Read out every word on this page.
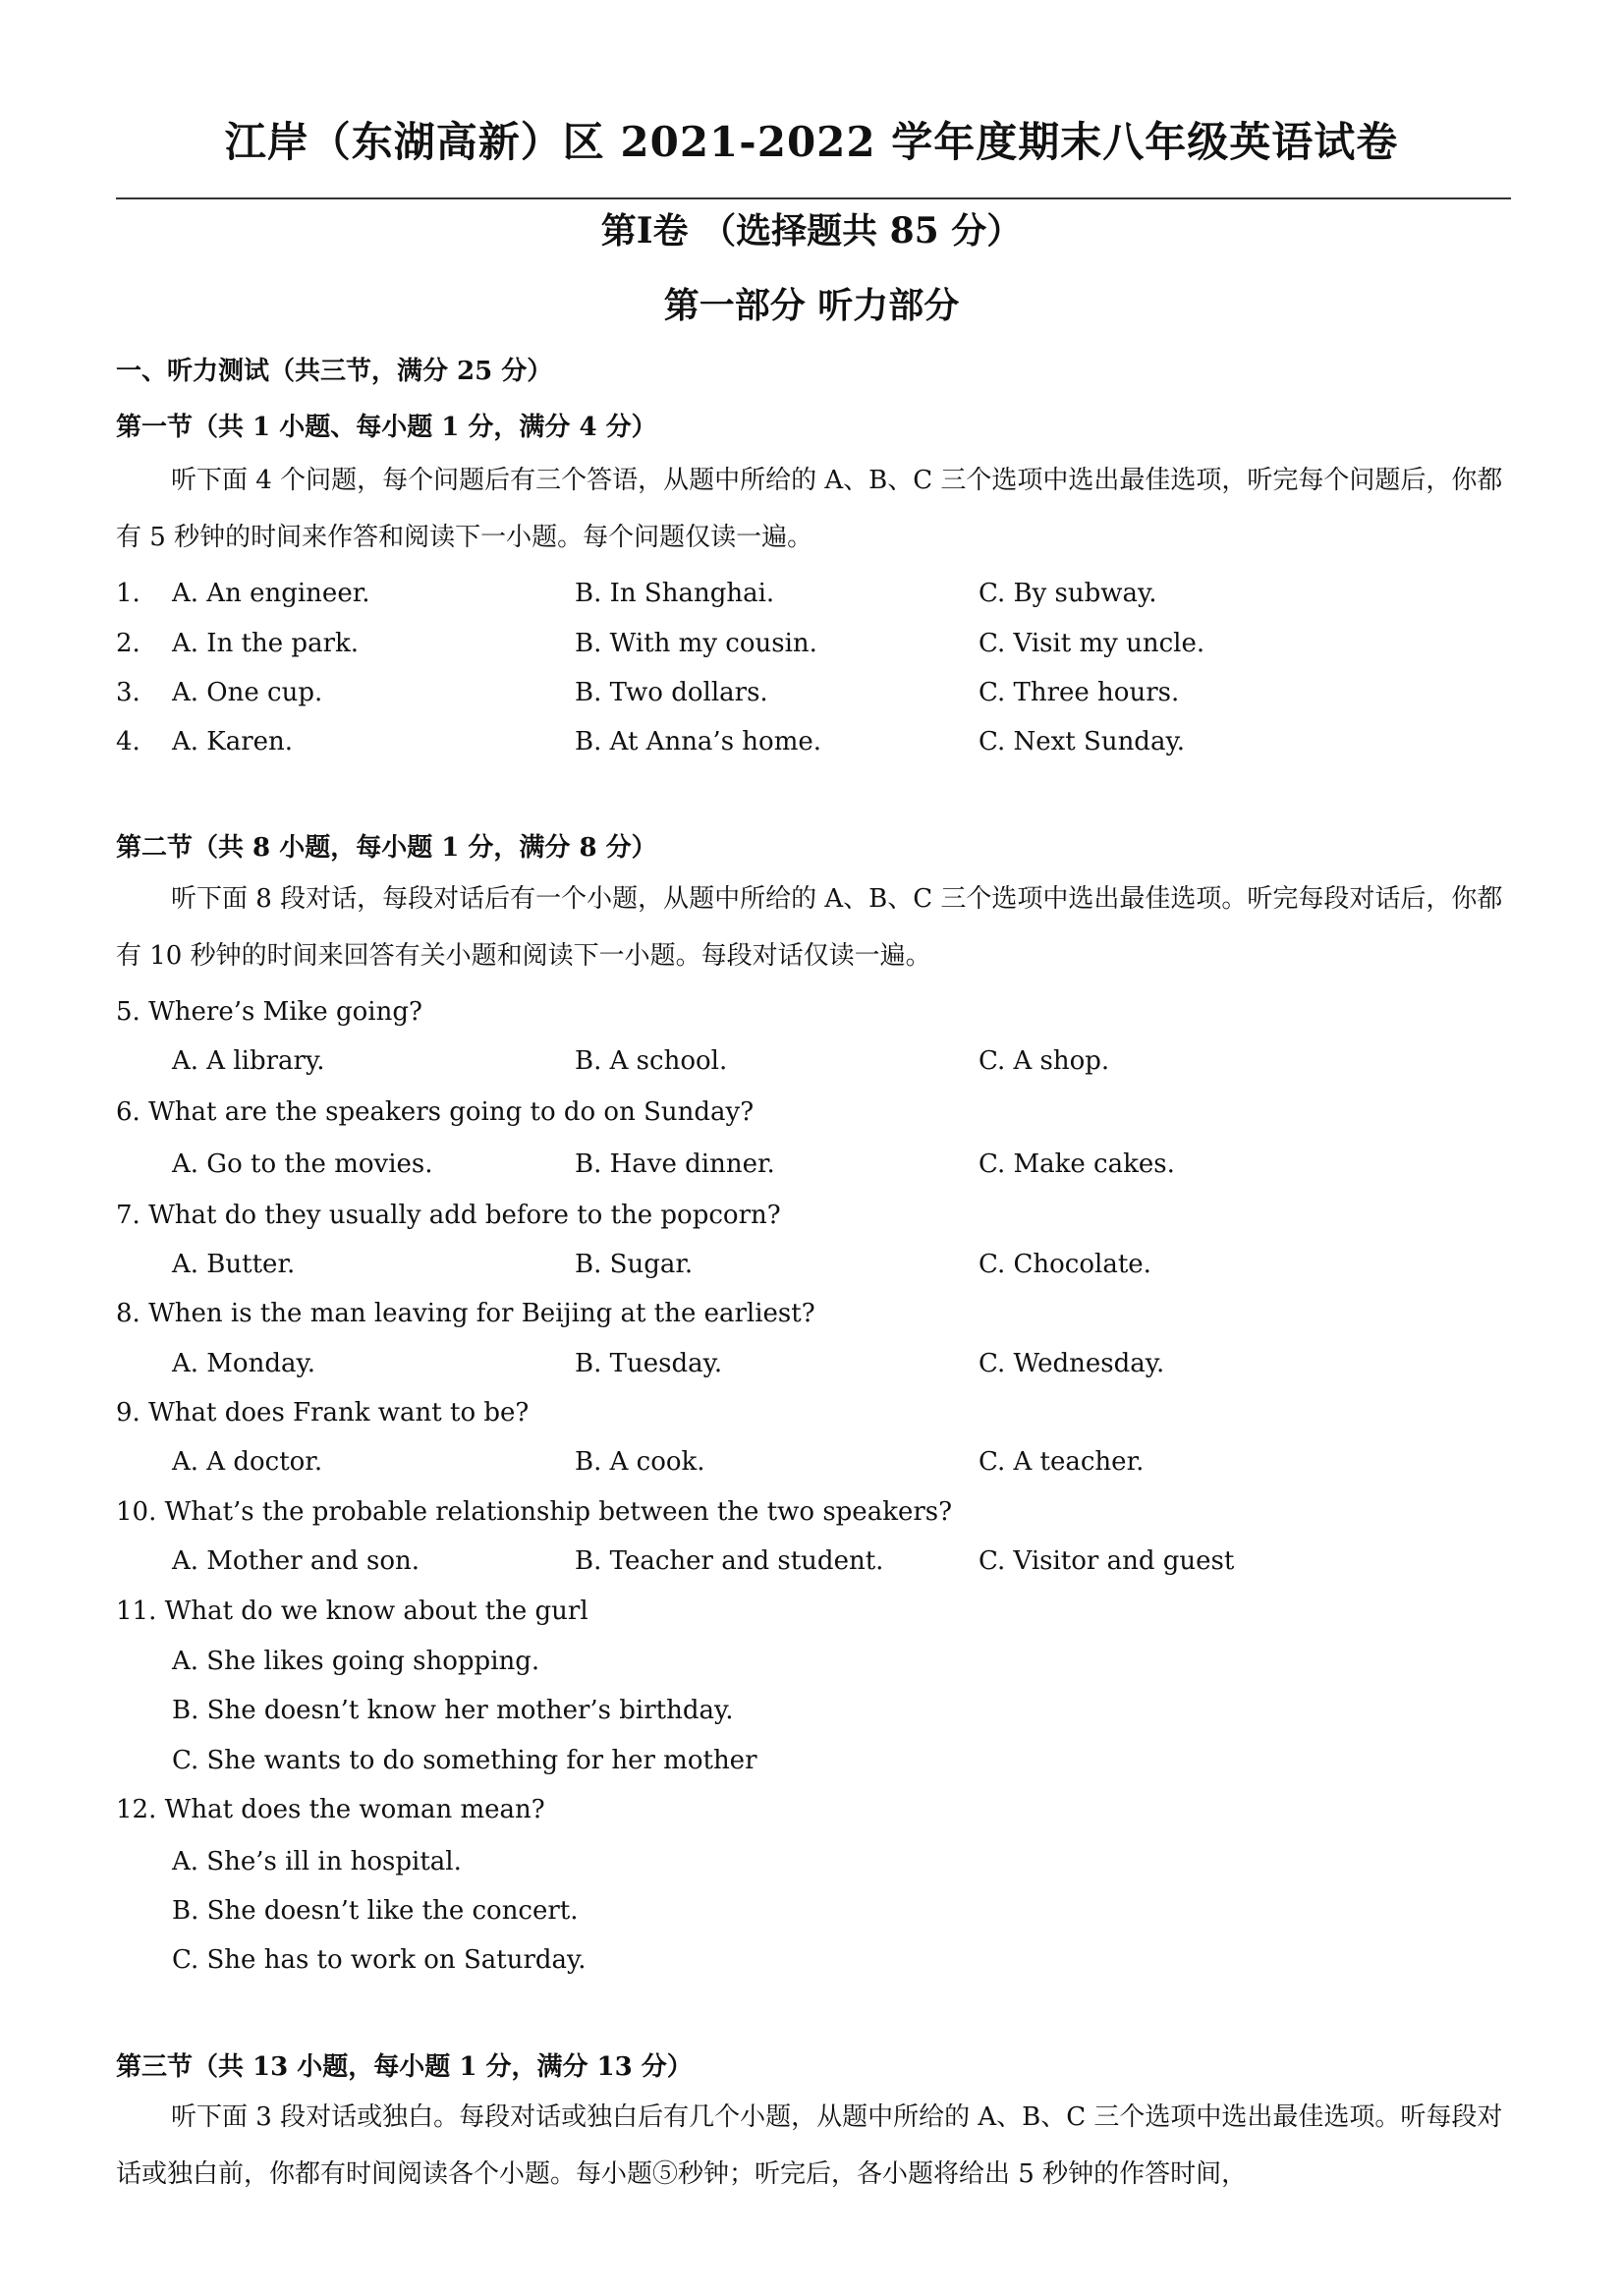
江岸（东湖高新）区 2021-2022 学年度期末八年级英语试卷
第Ⅰ卷 （选择题共 85 分）
第一部分 听力部分
一、听力测试（共三节，满分 25 分）
第一节（共 1 小题、每小题 1 分，满分 4 分）
听下面 4 个问题，每个问题后有三个答语，从题中所给的 A、B、C 三个选项中选出最佳选项，听完每个问题后，你都有 5 秒钟的时间来作答和阅读下一小题。每个问题仅读一遍。
1. A. An engineer.	B. In Shanghai.	C. By subway.
2. A. In the park.	B. With my cousin.	C. Visit my uncle.
3. A. One cup.	B. Two dollars.	C. Three hours.
4. A. Karen.	B. At Anna’s home.	C. Next Sunday.
第二节（共 8 小题，每小题 1 分，满分 8 分）
听下面 8 段对话，每段对话后有一个小题，从题中所给的 A、B、C 三个选项中选出最佳选项。听完每段对话后，你都有 10 秒钟的时间来回答有关小题和阅读下一小题。每段对话仅读一遍。
5. Where’s Mike going?
A. A library.	B. A school.	C. A shop.
6. What are the speakers going to do on Sunday?
A. Go to the movies.	B. Have dinner.	C. Make cakes.
7. What do they usually add before to the popcorn?
A. Butter.	B. Sugar.	C. Chocolate.
8. When is the man leaving for Beijing at the earliest?
A. Monday.	B. Tuesday.	C. Wednesday.
9. What does Frank want to be?
A. A doctor.	B. A cook.	C. A teacher.
10. What’s the probable relationship between the two speakers?
A. Mother and son.	B. Teacher and student.	C. Visitor and guest
11. What do we know about the gurl
A. She likes going shopping.
B. She doesn’t know her mother’s birthday.
C. She wants to do something for her mother
12. What does the woman mean?
A. She’s ill in hospital.
B. She doesn’t like the concert.
C. She has to work on Saturday.
第三节（共 13 小题，每小题 1 分，满分 13 分）
听下面 3 段对话或独白。每段对话或独白后有几个小题，从题中所给的 A、B、C 三个选项中选出最佳选项。听每段对话或独白前，你都有时间阅读各个小题。每小题⑤秒钟；听完后，各小题将给出 5 秒钟的作答时间，
